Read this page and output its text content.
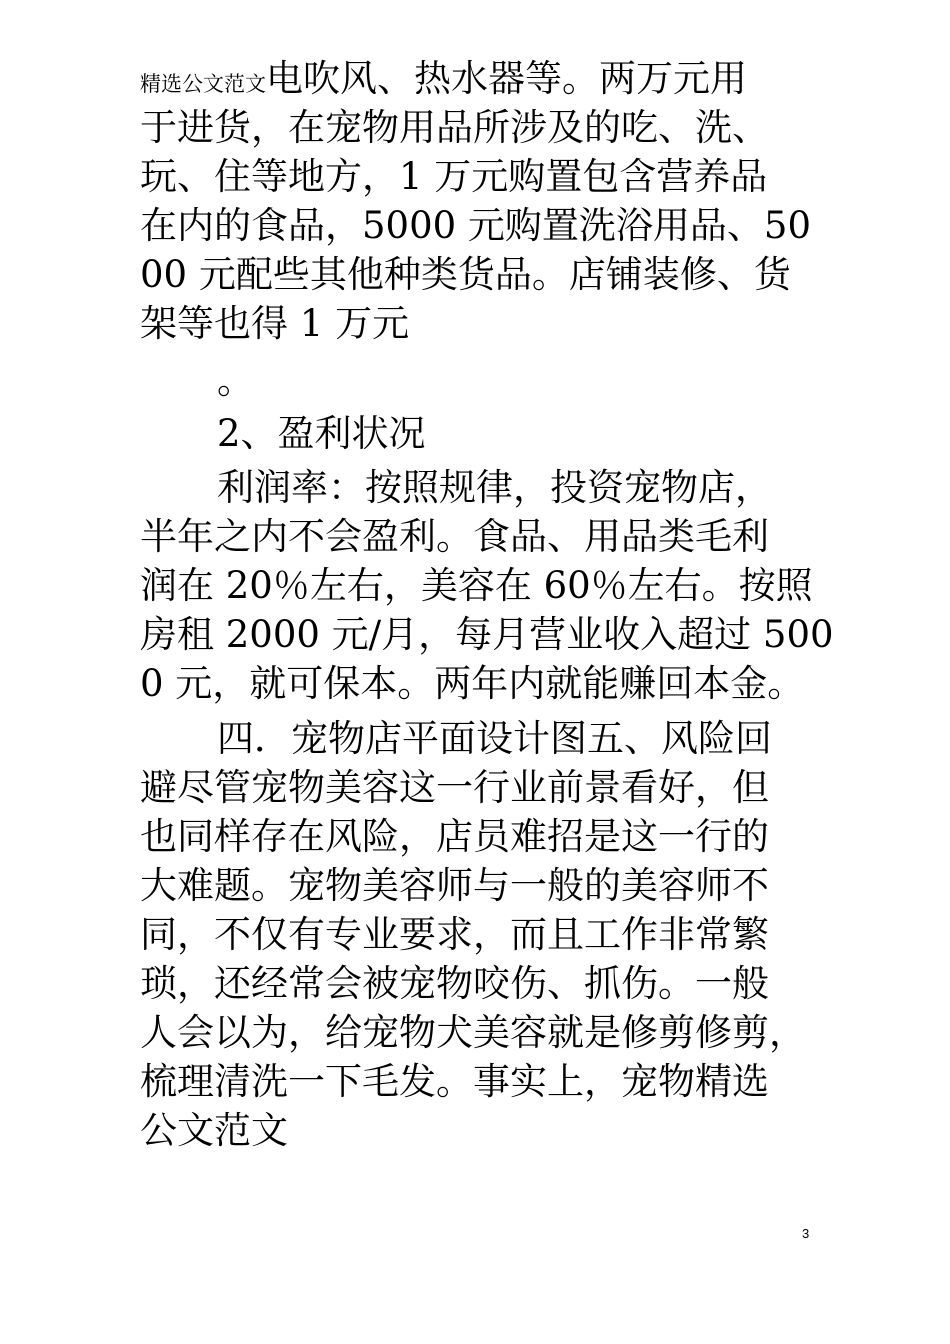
精选公文范文电吹风、热水器等。两万元用
于进货，在宠物用品所涉及的吃、洗、
玩、住等地方，1 万元购置包含营养品
在内的食品，5000 元购置洗浴用品、50
00 元配些其他种类货品。店铺装修、货
架等也得 1 万元
。
2、盈利状况
利润率：按照规律，投资宠物店，
半年之内不会盈利。食品、用品类毛利
润在 20％左右，美容在 60％左右。按照
房租 2000 元/月，每月营业收入超过 500
0 元，就可保本。两年内就能赚回本金。
四．宠物店平面设计图五、风险回
避尽管宠物美容这一行业前景看好，但
也同样存在风险，店员难招是这一行的
大难题。宠物美容师与一般的美容师不
同，不仅有专业要求，而且工作非常繁
琐，还经常会被宠物咬伤、抓伤。一般
人会以为，给宠物犬美容就是修剪修剪，
梳理清洗一下毛发。事实上，宠物精选
公文范文
3
